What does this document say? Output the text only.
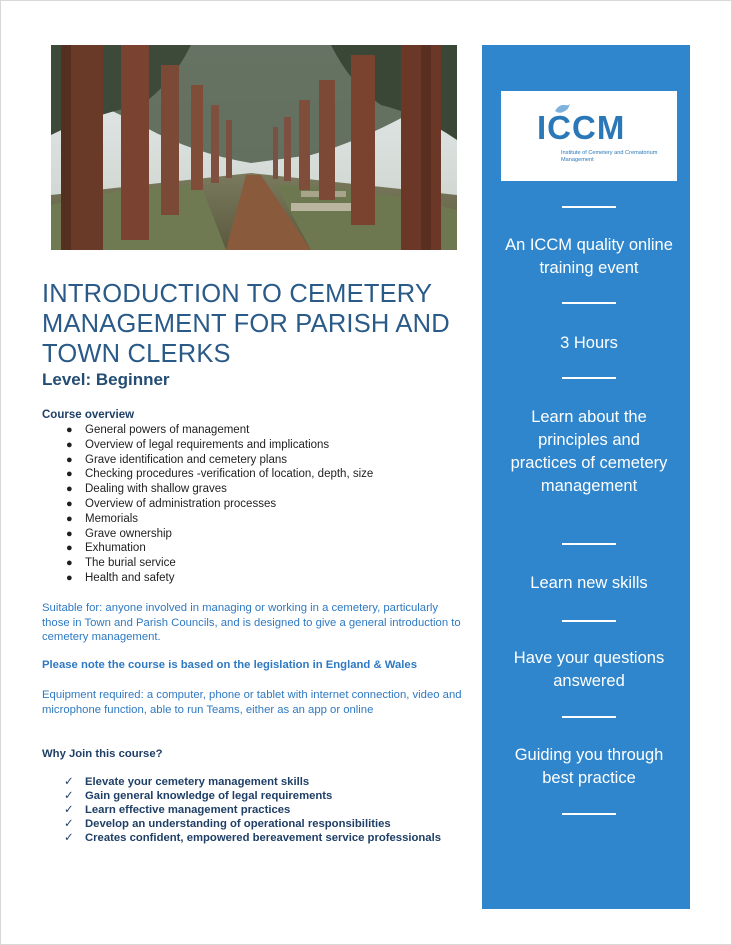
INTRODUCTION TO CEMETERY MANAGEMENT FOR PARISH AND TOWN CLERKS
Level: Beginner
Course overview
● General powers of management
● Overview of legal requirements and implications
● Grave identification and cemetery plans
● Checking procedures -verification of location, depth, size
● Dealing with shallow graves
● Overview of administration processes
● Memorials
● Grave ownership
● Exhumation
● The burial service
● Health and safety
Suitable for: anyone involved in managing or working in a cemetery, particularly those in Town and Parish Councils, and is designed to give a general introduction to cemetery management.
Please note the course is based on the legislation in England & Wales
Equipment required: a computer, phone or tablet with internet connection, video and microphone function, able to run Teams, either as an app or online
Why Join this course?
✓ Elevate your cemetery management skills
✓ Gain general knowledge of legal requirements
✓ Learn effective management practices
✓ Develop an understanding of operational responsibilities
✓ Creates confident, empowered bereavement service professionals
ICCM
Institute of Cemetery and Crematorium Management
An ICCM quality online training event
3 Hours
Learn about the principles and practices of cemetery management
Learn new skills
Have your questions answered
Guiding you through best practice
